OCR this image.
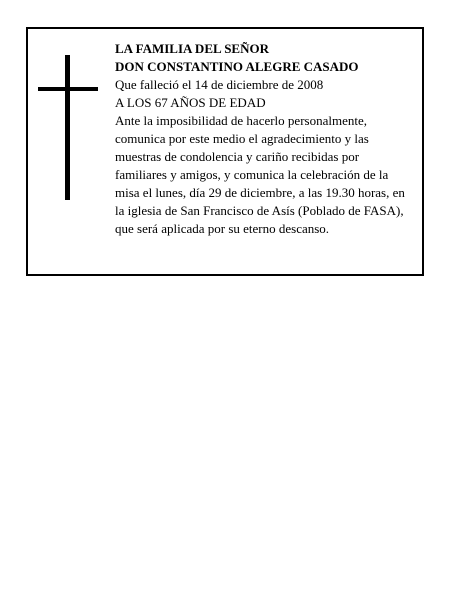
LA FAMILIA DEL SEÑOR

DON CONSTANTINO ALEGRE CASADO

Que falleció el 14 de diciembre de 2008

A LOS 67 AÑOS DE EDAD

Ante la imposibilidad de hacerlo personalmente,

comunica por este medio el agradecimiento y las

muestras de condolencia y cariño recibidas por

familiares y amigos, y comunica la celebración de la

misa el lunes, día 29 de diciembre, a las 19.30 horas, en

la iglesia de San Francisco de Asís (Poblado de FASA),

que será aplicada por su eterno descanso.
